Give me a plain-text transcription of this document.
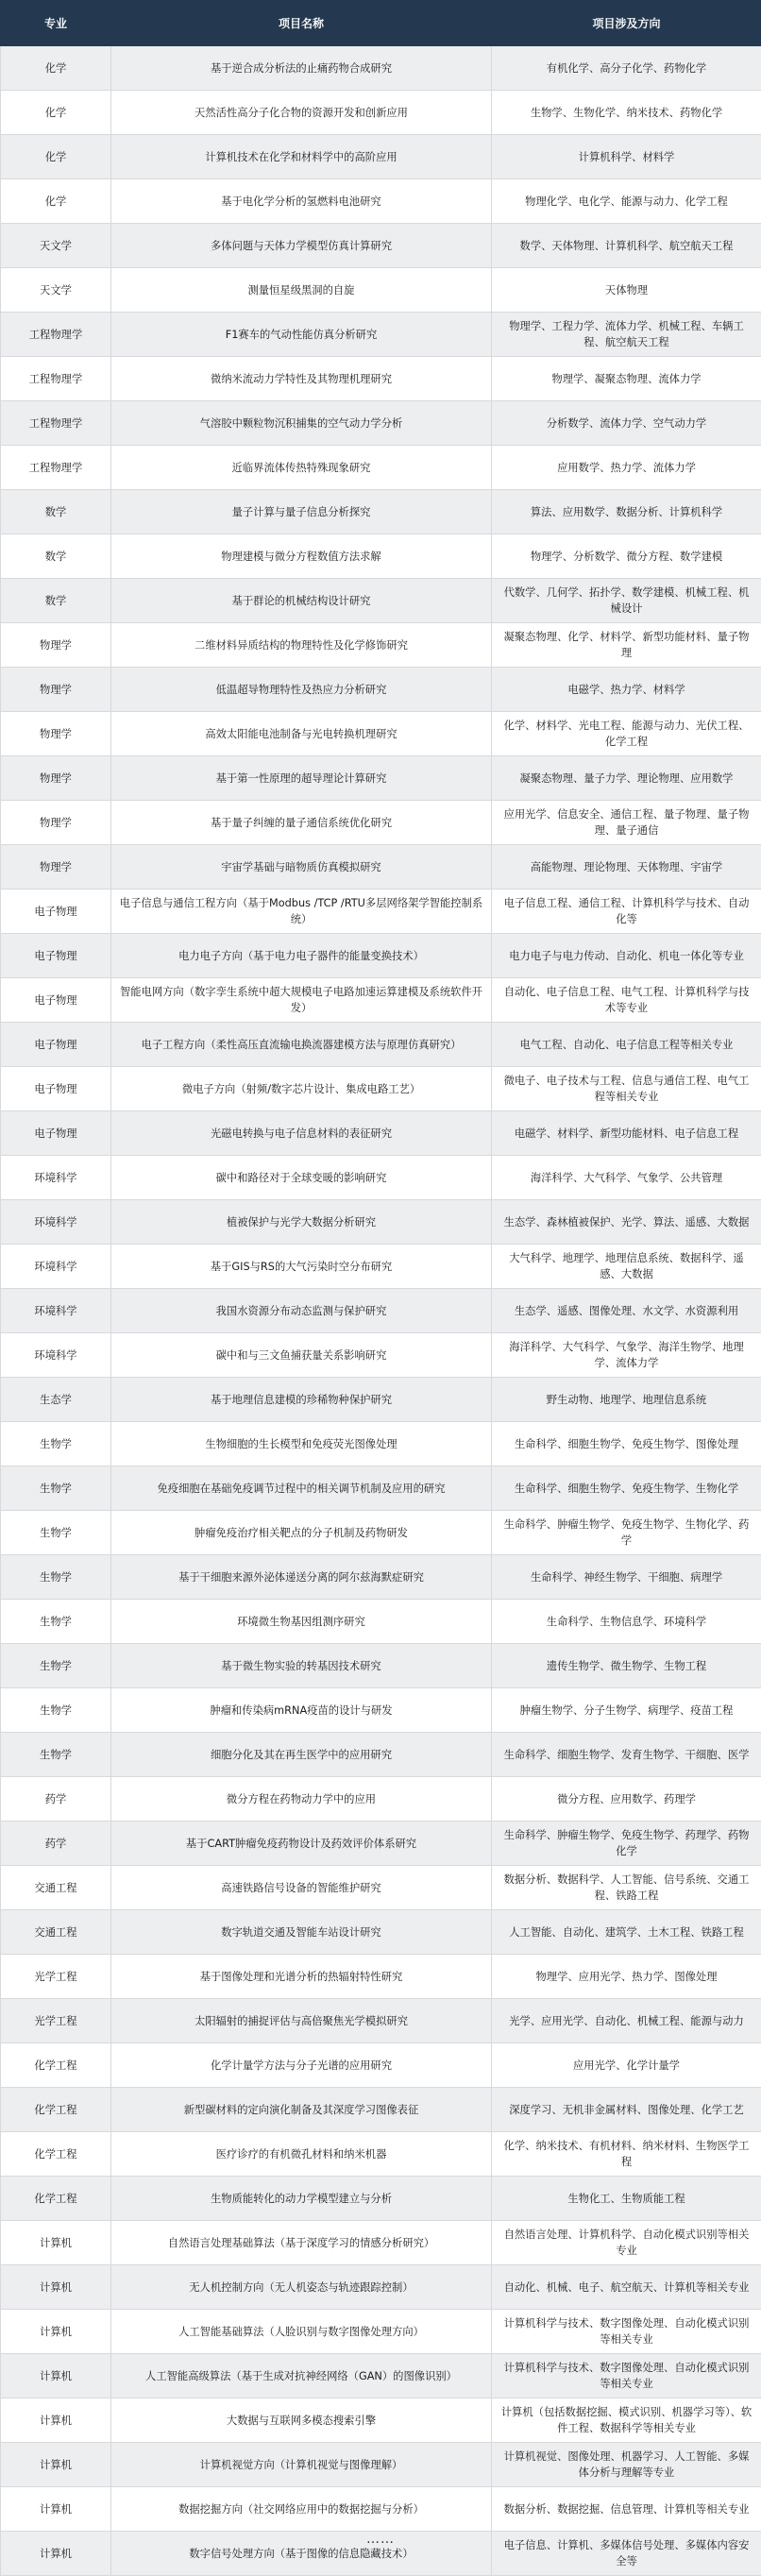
专业	项目名称	项目涉及方向
化学	基于逆合成分析法的止痛药物合成研究	有机化学、高分子化学、药物化学
化学	天然活性高分子化合物的资源开发和创新应用	生物学、生物化学、纳米技术、药物化学
化学	计算机技术在化学和材料学中的高阶应用	计算机科学、材料学
化学	基于电化学分析的氢燃料电池研究	物理化学、电化学、能源与动力、化学工程
天文学	多体问题与天体力学模型仿真计算研究	数学、天体物理、计算机科学、航空航天工程
天文学	测量恒星级黑洞的自旋	天体物理
工程物理学	F1赛车的气动性能仿真分析研究	物理学、工程力学、流体力学、机械工程、车辆工程、航空航天工程
工程物理学	微纳米流动力学特性及其物理机理研究	物理学、凝聚态物理、流体力学
工程物理学	气溶胶中颗粒物沉积捕集的空气动力学分析	分析数学、流体力学、空气动力学
工程物理学	近临界流体传热特殊现象研究	应用数学、热力学、流体力学
数学	量子计算与量子信息分析探究	算法、应用数学、数据分析、计算机科学
数学	物理建模与微分方程数值方法求解	物理学、分析数学、微分方程、数学建模
数学	基于群论的机械结构设计研究	代数学、几何学、拓扑学、数学建模、机械工程、机械设计
物理学	二维材料异质结构的物理特性及化学修饰研究	凝聚态物理、化学、材料学、新型功能材料、量子物理
物理学	低温超导物理特性及热应力分析研究	电磁学、热力学、材料学
物理学	高效太阳能电池制备与光电转换机理研究	化学、材料学、光电工程、能源与动力、光伏工程、化学工程
物理学	基于第一性原理的超导理论计算研究	凝聚态物理、量子力学、理论物理、应用数学
物理学	基于量子纠缠的量子通信系统优化研究	应用光学、信息安全、通信工程、量子物理、量子物理、量子通信
物理学	宇宙学基础与暗物质仿真模拟研究	高能物理、理论物理、天体物理、宇宙学
电子物理	电子信息与通信工程方向（基于Modbus /TCP /RTU多层网络架学智能控制系统）	电子信息工程、通信工程、计算机科学与技术、自动化等
电子物理	电力电子方向（基于电力电子器件的能量变换技术）	电力电子与电力传动、自动化、机电一体化等专业
电子物理	智能电网方向（数字孪生系统中超大规模电子电路加速运算建模及系统软件开发）	自动化、电子信息工程、电气工程、计算机科学与技术等专业
电子物理	电子工程方向（柔性高压直流输电换流器建模方法与原理仿真研究）	电气工程、自动化、电子信息工程等相关专业
电子物理	微电子方向（射频/数字芯片设计、集成电路工艺）	微电子、电子技术与工程、信息与通信工程、电气工程等相关专业
电子物理	光磁电转换与电子信息材料的表征研究	电磁学、材料学、新型功能材料、电子信息工程
环境科学	碳中和路径对于全球变暖的影响研究	海洋科学、大气科学、气象学、公共管理
环境科学	植被保护与光学大数据分析研究	生态学、森林植被保护、光学、算法、遥感、大数据
环境科学	基于GIS与RS的大气污染时空分布研究	大气科学、地理学、地理信息系统、数据科学、遥感、大数据
环境科学	我国水资源分布动态监测与保护研究	生态学、遥感、图像处理、水文学、水资源利用
环境科学	碳中和与三文鱼捕获量关系影响研究	海洋科学、大气科学、气象学、海洋生物学、地理学、流体力学
生态学	基于地理信息建模的珍稀物种保护研究	野生动物、地理学、地理信息系统
生物学	生物细胞的生长模型和免疫荧光图像处理	生命科学、细胞生物学、免疫生物学、图像处理
生物学	免疫细胞在基础免疫调节过程中的相关调节机制及应用的研究	生命科学、细胞生物学、免疫生物学、生物化学
生物学	肿瘤免疫治疗相关靶点的分子机制及药物研发	生命科学、肿瘤生物学、免疫生物学、生物化学、药学
生物学	基于干细胞来源外泌体递送分离的阿尔兹海默症研究	生命科学、神经生物学、干细胞、病理学
生物学	环境微生物基因组测序研究	生命科学、生物信息学、环境科学
生物学	基于微生物实验的转基因技术研究	遗传生物学、微生物学、生物工程
生物学	肿瘤和传染病mRNA疫苗的设计与研发	肿瘤生物学、分子生物学、病理学、疫苗工程
生物学	细胞分化及其在再生医学中的应用研究	生命科学、细胞生物学、发育生物学、干细胞、医学
药学	微分方程在药物动力学中的应用	微分方程、应用数学、药理学
药学	基于CART肿瘤免疫药物设计及药效评价体系研究	生命科学、肿瘤生物学、免疫生物学、药理学、药物化学
交通工程	高速铁路信号设备的智能维护研究	数据分析、数据科学、人工智能、信号系统、交通工程、铁路工程
交通工程	数字轨道交通及智能车站设计研究	人工智能、自动化、建筑学、土木工程、铁路工程
光学工程	基于图像处理和光谱分析的热辐射特性研究	物理学、应用光学、热力学、图像处理
光学工程	太阳辐射的捕捉评估与高倍聚焦光学模拟研究	光学、应用光学、自动化、机械工程、能源与动力
化学工程	化学计量学方法与分子光谱的应用研究	应用光学、化学计量学
化学工程	新型碳材料的定向演化制备及其深度学习图像表征	深度学习、无机非金属材料、图像处理、化学工艺
化学工程	医疗诊疗的有机微孔材料和纳米机器	化学、纳米技术、有机材料、纳米材料、生物医学工程
化学工程	生物质能转化的动力学模型建立与分析	生物化工、生物质能工程
计算机	自然语言处理基础算法（基于深度学习的情感分析研究）	自然语言处理、计算机科学、自动化模式识别等相关专业
计算机	无人机控制方向（无人机姿态与轨迹跟踪控制）	自动化、机械、电子、航空航天、计算机等相关专业
计算机	人工智能基础算法（人脸识别与数字图像处理方向）	计算机科学与技术、数字图像处理、自动化模式识别等相关专业
计算机	人工智能高级算法（基于生成对抗神经网络（GAN）的图像识别）	计算机科学与技术、数字图像处理、自动化模式识别等相关专业
计算机	大数据与互联网多模态搜索引擎	计算机（包括数据挖掘、模式识别、机器学习等）、软件工程、数据科学等相关专业
计算机	计算机视觉方向（计算机视觉与图像理解）	计算机视觉、图像处理、机器学习、人工智能、多媒体分析与理解等专业
计算机	数据挖掘方向（社交网络应用中的数据挖掘与分析）	数据分析、数据挖掘、信息管理、计算机等相关专业
计算机	数字信号处理方向（基于图像的信息隐藏技术）	电子信息、计算机、多媒体信号处理、多媒体内容安全等
……
